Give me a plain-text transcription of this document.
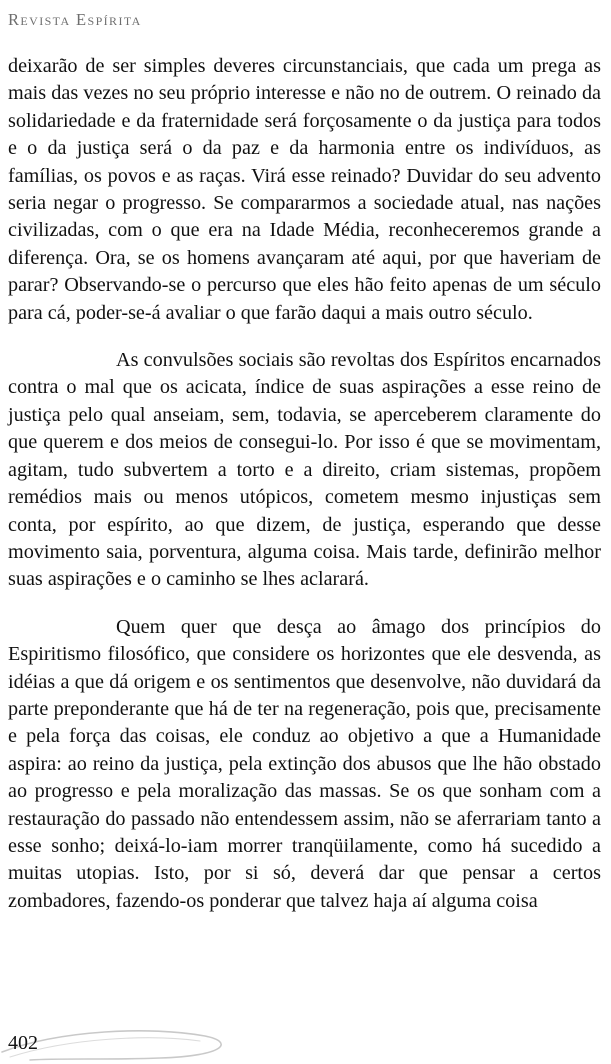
Revista Espírita

deixarão de ser simples deveres circunstanciais, que cada um prega as mais das vezes no seu próprio interesse e não no de outrem. O reinado da solidariedade e da fraternidade será forçosamente o da justiça para todos e o da justiça será o da paz e da harmonia entre os indivíduos, as famílias, os povos e as raças. Virá esse reinado? Duvidar do seu advento seria negar o progresso. Se compararmos a sociedade atual, nas nações civilizadas, com o que era na Idade Média, reconheceremos grande a diferença. Ora, se os homens avançaram até aqui, por que haveriam de parar? Observando-se o percurso que eles hão feito apenas de um século para cá, poder-se-á avaliar o que farão daqui a mais outro século.

As convulsões sociais são revoltas dos Espíritos encarnados contra o mal que os acicata, índice de suas aspirações a esse reino de justiça pelo qual anseiam, sem, todavia, se aperceberem claramente do que querem e dos meios de consegui-lo. Por isso é que se movimentam, agitam, tudo subvertem a torto e a direito, criam sistemas, propõem remédios mais ou menos utópicos, cometem mesmo injustiças sem conta, por espírito, ao que dizem, de justiça, esperando que desse movimento saia, porventura, alguma coisa. Mais tarde, definirão melhor suas aspirações e o caminho se lhes aclarará.

Quem quer que desça ao âmago dos princípios do Espiritismo filosófico, que considere os horizontes que ele desvenda, as idéias a que dá origem e os sentimentos que desenvolve, não duvidará da parte preponderante que há de ter na regeneração, pois que, precisamente e pela força das coisas, ele conduz ao objetivo a que a Humanidade aspira: ao reino da justiça, pela extinção dos abusos que lhe hão obstado ao progresso e pela moralização das massas. Se os que sonham com a restauração do passado não entendessem assim, não se aferrariam tanto a esse sonho; deixá-lo-iam morrer tranqüilamente, como há sucedido a muitas utopias. Isto, por si só, deverá dar que pensar a certos zombadores, fazendo-os ponderar que talvez haja aí alguma coisa

402
